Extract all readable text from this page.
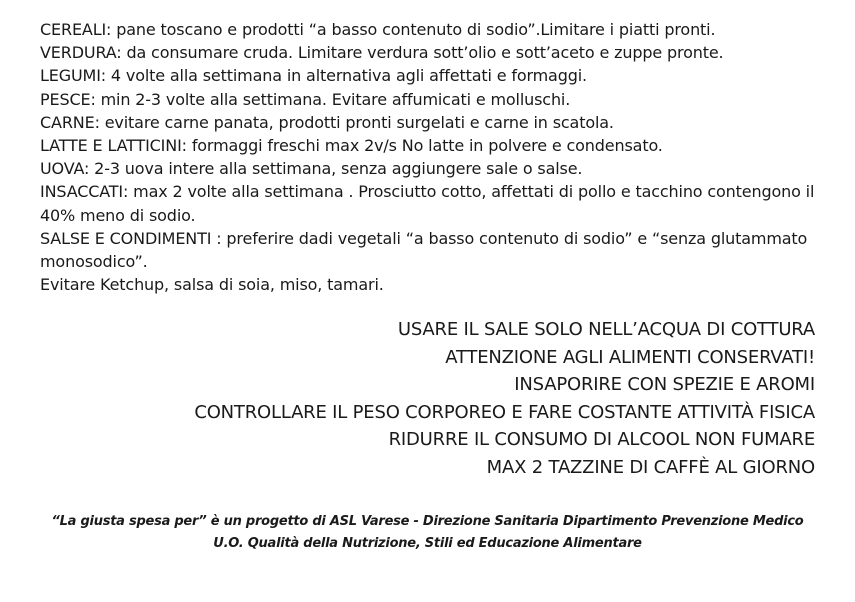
CEREALI: pane toscano e prodotti “a basso contenuto di sodio”.Limitare i piatti pronti.

VERDURA: da consumare cruda. Limitare verdura sott’olio e sott’aceto e zuppe pronte.

LEGUMI: 4 volte alla settimana in alternativa agli affettati e formaggi.

PESCE: min 2-3 volte alla settimana. Evitare affumicati e molluschi.

CARNE: evitare carne panata, prodotti pronti surgelati e carne in scatola.

LATTE E LATTICINI: formaggi freschi max 2v/s No latte in polvere e condensato.

UOVA: 2-3 uova intere alla settimana, senza aggiungere sale o salse.

INSACCATI: max 2 volte alla settimana . Prosciutto cotto, affettati di pollo e tacchino contengono il 40% meno di sodio.

SALSE E CONDIMENTI : preferire dadi vegetali “a basso contenuto di sodio” e “senza glutammato monosodico”.

Evitare Ketchup, salsa di soia, miso, tamari.

USARE IL SALE SOLO NELL’ACQUA DI COTTURA

ATTENZIONE AGLI ALIMENTI CONSERVATI!

INSAPORIRE CON SPEZIE E AROMI

CONTROLLARE IL PESO CORPOREO E FARE COSTANTE ATTIVITÀ FISICA

RIDURRE IL CONSUMO DI ALCOOL NON FUMARE

MAX 2 TAZZINE DI CAFFÈ AL GIORNO

“La giusta spesa per” è un progetto di ASL Varese - Direzione Sanitaria Dipartimento Prevenzione Medico

U.O. Qualità della Nutrizione, Stili ed Educazione Alimentare
